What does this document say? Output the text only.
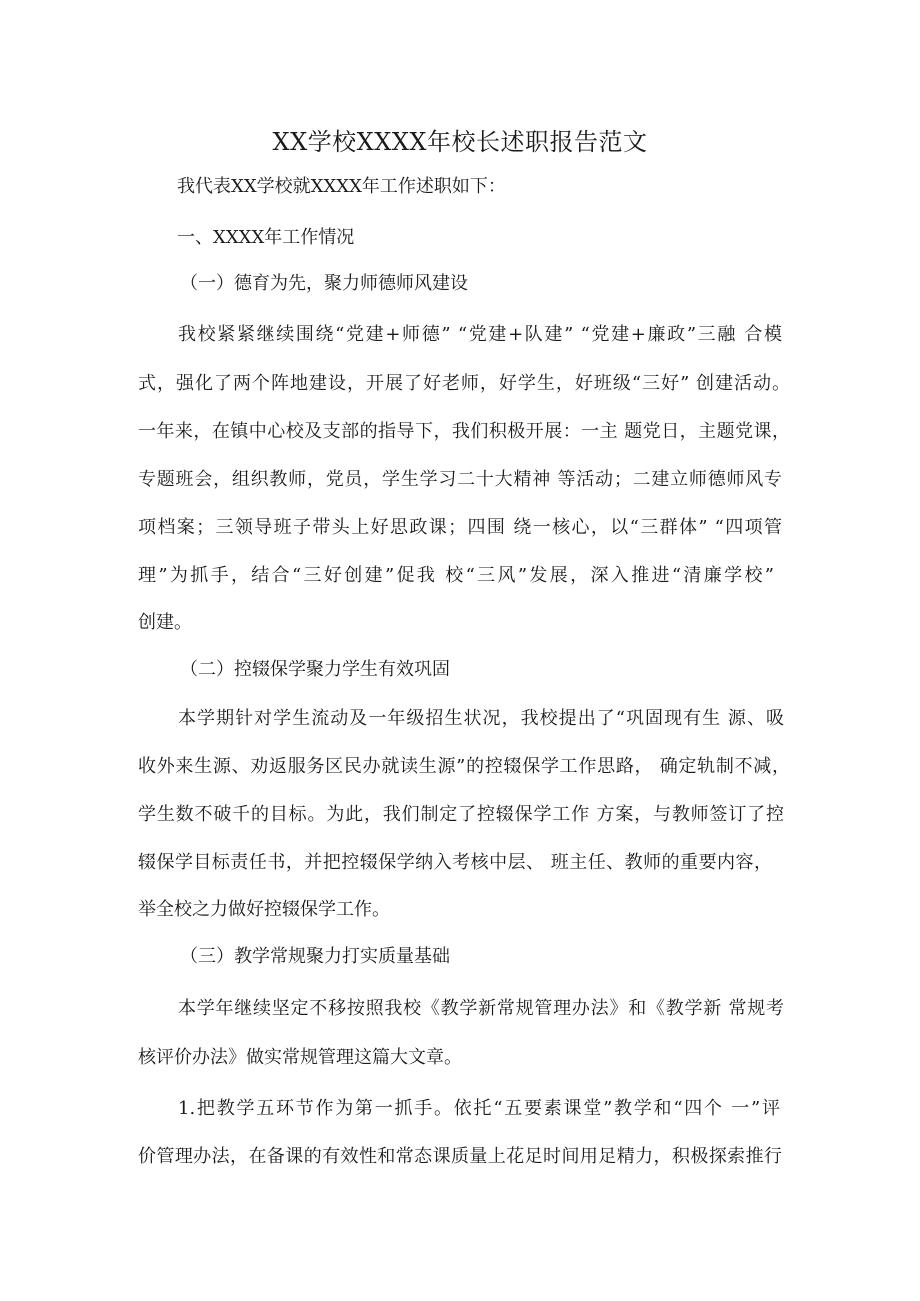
XX学校XXXX年校长述职报告范文
我代表XX学校就XXXX年工作述职如下：
一、XXXX年工作情况
（一）德育为先，聚力师德师风建设
我校紧紧继续围绕“党建+师德” “党建+队建” “党建+廉政”三融 合模
式，强化了两个阵地建设，开展了好老师，好学生，好班级“三好” 创建活动。
一年来，在镇中心校及支部的指导下，我们积极开展：一主 题党日，主题党课，
专题班会，组织教师，党员，学生学习二十大精神 等活动；二建立师德师风专
项档案；三领导班子带头上好思政课；四围 绕一核心，以“三群体” “四项管
理”为抓手，结合“三好创建”促我 校“三风”发展，深入推进“清廉学校”
创建。
（二）控辍保学聚力学生有效巩固
本学期针对学生流动及一年级招生状况，我校提出了“巩固现有生 源、吸
收外来生源、劝返服务区民办就读生源”的控辍保学工作思路， 确定轨制不减，
学生数不破千的目标。为此，我们制定了控辍保学工作 方案，与教师签订了控
辍保学目标责任书，并把控辍保学纳入考核中层、 班主任、教师的重要内容，
举全校之力做好控辍保学工作。
（三）教学常规聚力打实质量基础
本学年继续坚定不移按照我校《教学新常规管理办法》和《教学新 常规考
核评价办法》做实常规管理这篇大文章。
1.把教学五环节作为第一抓手。依托“五要素课堂”教学和“四个 一”评
价管理办法，在备课的有效性和常态课质量上花足时间用足精力，积极探索推行
